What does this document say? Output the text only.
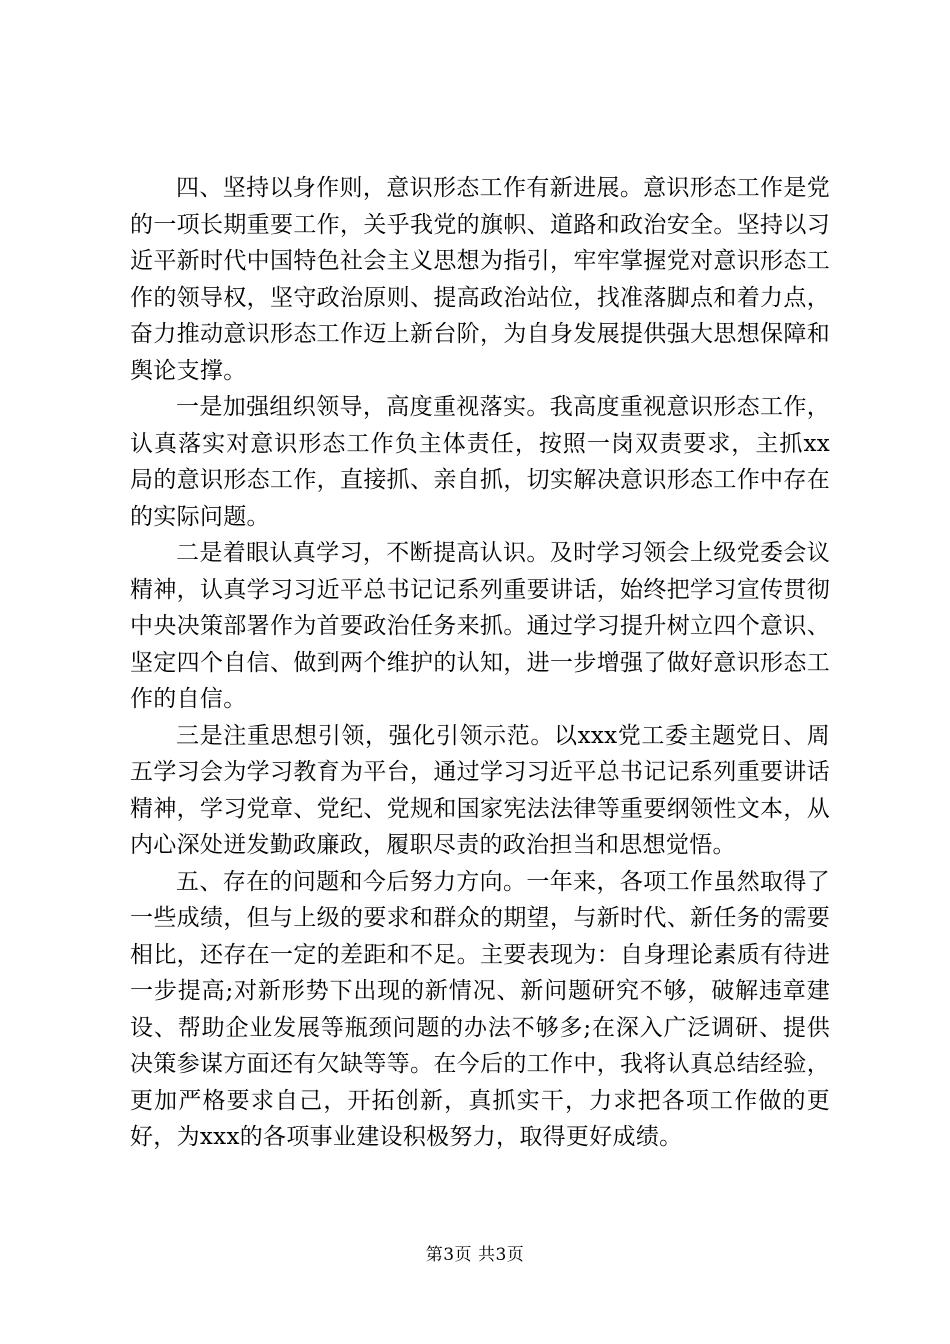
四、坚持以身作则，意识形态工作有新进展。意识形态工作是党的一项长期重要工作，关乎我党的旗帜、道路和政治安全。坚持以习近平新时代中国特色社会主义思想为指引，牢牢掌握党对意识形态工作的领导权，坚守政治原则、提高政治站位，找准落脚点和着力点，奋力推动意识形态工作迈上新台阶，为自身发展提供强大思想保障和舆论支撑。

一是加强组织领导，高度重视落实。我高度重视意识形态工作，认真落实对意识形态工作负主体责任，按照一岗双责要求，主抓xx局的意识形态工作，直接抓、亲自抓，切实解决意识形态工作中存在的实际问题。

二是着眼认真学习，不断提高认识。及时学习领会上级党委会议精神，认真学习习近平总书记记系列重要讲话，始终把学习宣传贯彻中央决策部署作为首要政治任务来抓。通过学习提升树立四个意识、坚定四个自信、做到两个维护的认知，进一步增强了做好意识形态工作的自信。

三是注重思想引领，强化引领示范。以xxx党工委主题党日、周五学习会为学习教育为平台，通过学习习近平总书记记系列重要讲话精神，学习党章、党纪、党规和国家宪法法律等重要纲领性文本，从内心深处迸发勤政廉政，履职尽责的政治担当和思想觉悟。

五、存在的问题和今后努力方向。一年来，各项工作虽然取得了一些成绩，但与上级的要求和群众的期望，与新时代、新任务的需要相比，还存在一定的差距和不足。主要表现为：自身理论素质有待进一步提高;对新形势下出现的新情况、新问题研究不够，破解违章建设、帮助企业发展等瓶颈问题的办法不够多;在深入广泛调研、提供决策参谋方面还有欠缺等等。在今后的工作中，我将认真总结经验，更加严格要求自己，开拓创新，真抓实干，力求把各项工作做的更好，为xxx的各项事业建设积极努力，取得更好成绩。

第3页 共3页
